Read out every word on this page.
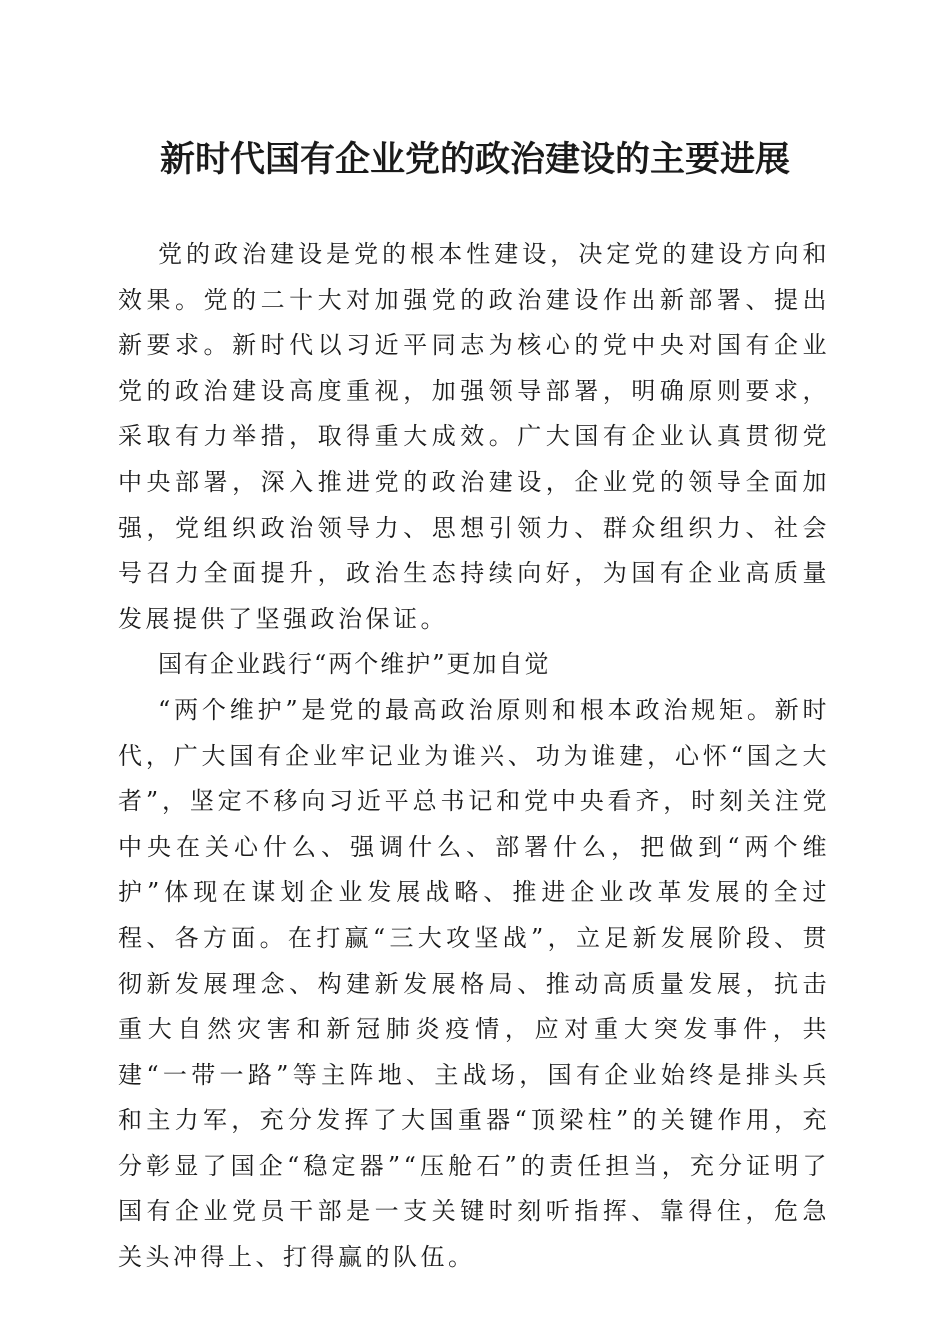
新时代国有企业党的政治建设的主要进展

党的政治建设是党的根本性建设，决定党的建设方向和效果。党的二十大对加强党的政治建设作出新部署、提出新要求。新时代以习近平同志为核心的党中央对国有企业党的政治建设高度重视，加强领导部署，明确原则要求，采取有力举措，取得重大成效。广大国有企业认真贯彻党中央部署，深入推进党的政治建设，企业党的领导全面加强，党组织政治领导力、思想引领力、群众组织力、社会号召力全面提升，政治生态持续向好，为国有企业高质量发展提供了坚强政治保证。

国有企业践行“两个维护”更加自觉

“两个维护”是党的最高政治原则和根本政治规矩。新时代，广大国有企业牢记业为谁兴、功为谁建，心怀“国之大者”，坚定不移向习近平总书记和党中央看齐，时刻关注党中央在关心什么、强调什么、部署什么，把做到“两个维护”体现在谋划企业发展战略、推进企业改革发展的全过程、各方面。在打赢“三大攻坚战”，立足新发展阶段、贯彻新发展理念、构建新发展格局、推动高质量发展，抗击重大自然灾害和新冠肺炎疫情，应对重大突发事件，共建“一带一路”等主阵地、主战场，国有企业始终是排头兵和主力军，充分发挥了大国重器“顶梁柱”的关键作用，充分彰显了国企“稳定器”“压舱石”的责任担当，充分证明了国有企业党员干部是一支关键时刻听指挥、靠得住，危急关头冲得上、打得赢的队伍。
